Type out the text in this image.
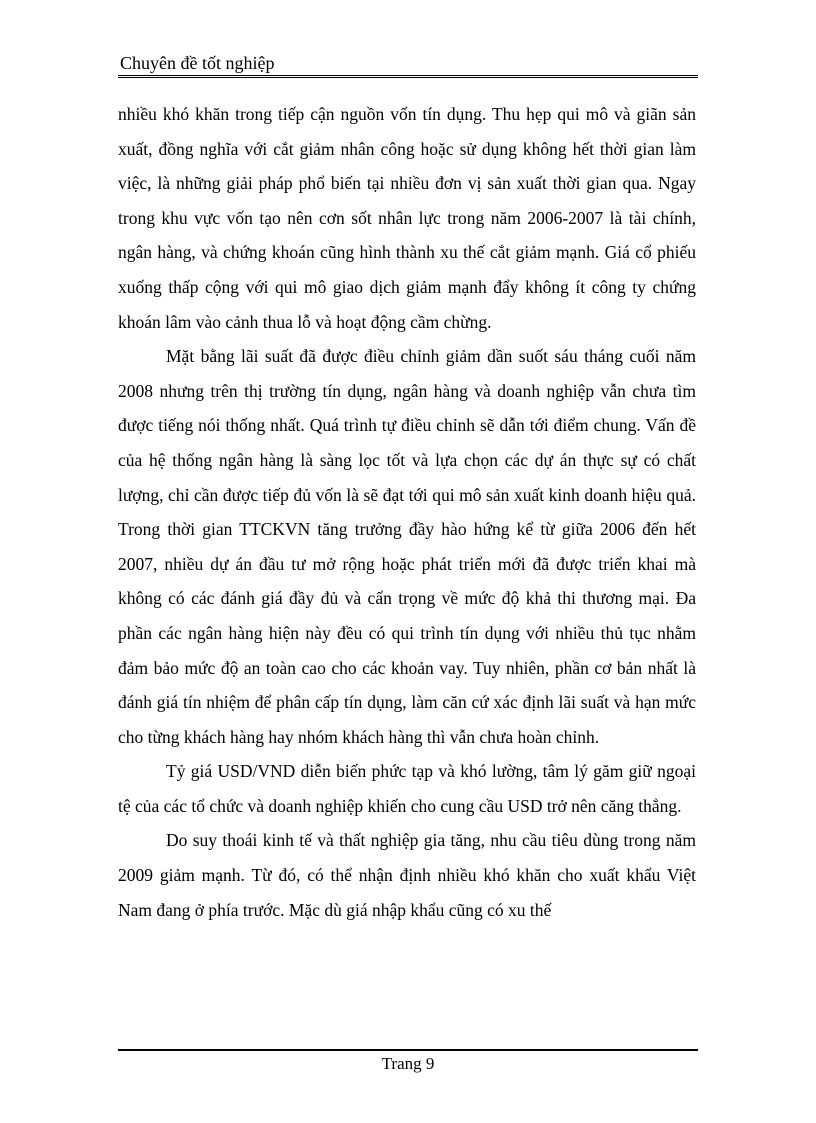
Chuyên đề tốt nghiệp

nhiều khó khăn trong tiếp cận nguồn vốn tín dụng. Thu hẹp qui mô và giãn sản xuất, đồng nghĩa với cắt giảm nhân công hoặc sử dụng không hết thời gian làm việc, là những giải pháp phổ biến tại nhiều đơn vị sản xuất thời gian qua. Ngay trong khu vực vốn tạo nên cơn sốt nhân lực trong năm 2006-2007 là tài chính, ngân hàng, và chứng khoán cũng hình thành xu thế cắt giảm mạnh. Giá cổ phiếu xuống thấp cộng với qui mô giao dịch giảm mạnh đẩy không ít công ty chứng khoán lâm vào cảnh thua lỗ và hoạt động cầm chừng.

Mặt bằng lãi suất đã được điều chỉnh giảm dần suốt sáu tháng cuối năm 2008 nhưng trên thị trường tín dụng, ngân hàng và doanh nghiệp vẫn chưa tìm được tiếng nói thống nhất. Quá trình tự điều chỉnh sẽ dẫn tới điểm chung. Vấn đề của hệ thống ngân hàng là sàng lọc tốt và lựa chọn các dự án thực sự có chất lượng, chỉ cần được tiếp đủ vốn là sẽ đạt tới qui mô sản xuất kinh doanh hiệu quả. Trong thời gian TTCKVN tăng trưởng đầy hào hứng kể từ giữa 2006 đến hết 2007, nhiều dự án đầu tư mở rộng hoặc phát triển mới đã được triển khai mà không có các đánh giá đầy đủ và cẩn trọng về mức độ khả thi thương mại. Đa phần các ngân hàng hiện này đều có qui trình tín dụng với nhiều thủ tục nhằm đảm bảo mức độ an toàn cao cho các khoản vay. Tuy nhiên, phần cơ bản nhất là đánh giá tín nhiệm để phân cấp tín dụng, làm căn cứ xác định lãi suất và hạn mức cho từng khách hàng hay nhóm khách hàng thì vẫn chưa hoàn chỉnh.

Tỷ giá USD/VND diễn biến phức tạp và khó lường, tâm lý găm giữ ngoại tệ của các tổ chức và doanh nghiệp khiến cho cung cầu USD trở nên căng thẳng.

Do suy thoái kinh tế và thất nghiệp gia tăng, nhu cầu tiêu dùng trong năm 2009 giảm mạnh. Từ đó, có thể nhận định nhiều khó khăn cho xuất khẩu Việt Nam đang ở phía trước. Mặc dù giá nhập khẩu cũng có xu thế

Trang 9
